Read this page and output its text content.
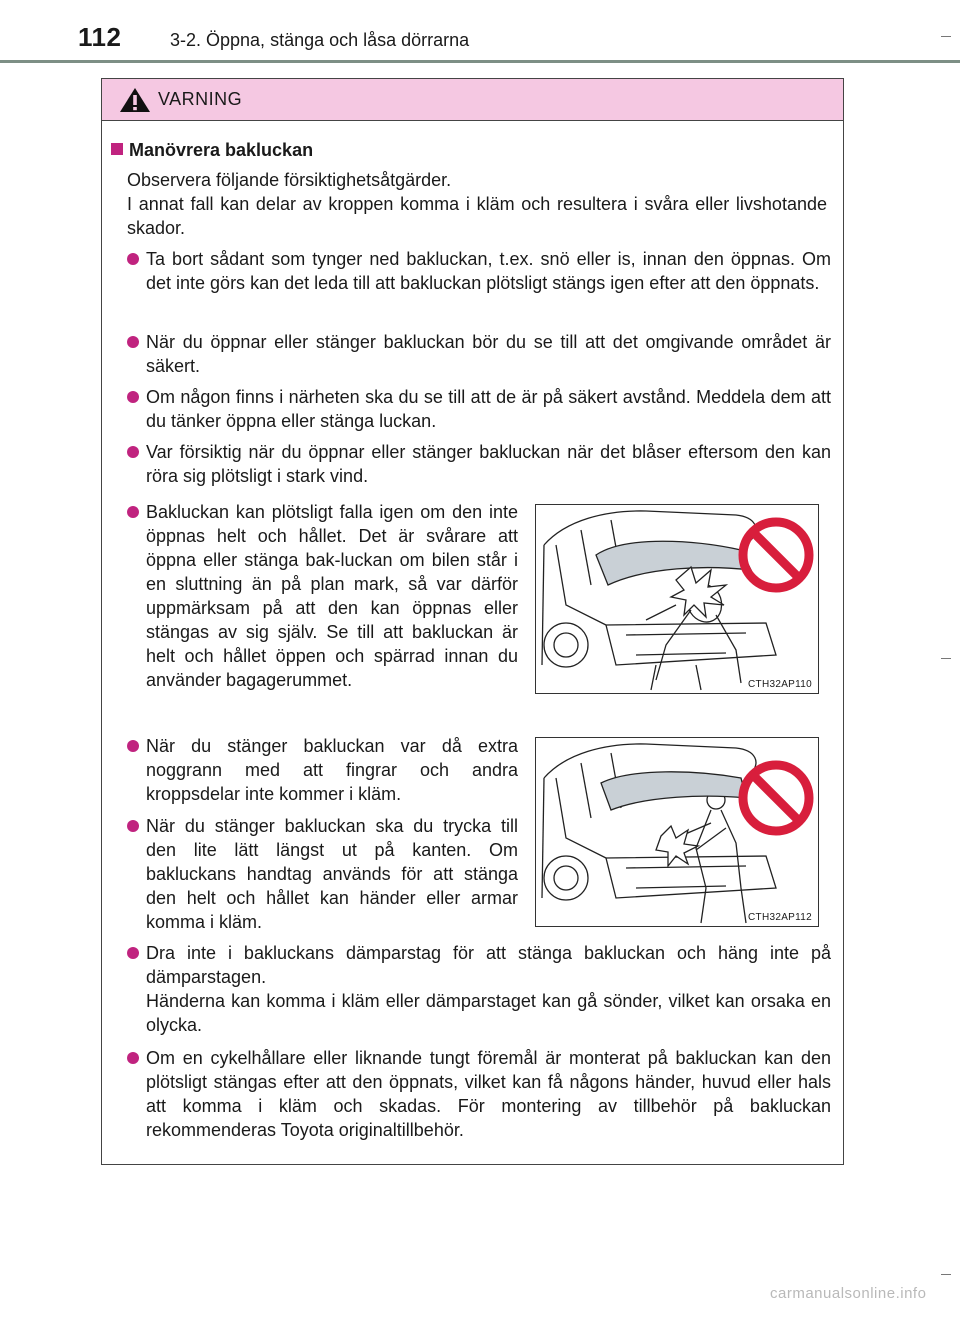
112	3-2. Öppna, stänga och låsa dörrarna
VARNING
Manövrera bakluckan
Observera följande försiktighetsåtgärder.
I annat fall kan delar av kroppen komma i kläm och resultera i svåra eller livshotande skador.
Ta bort sådant som tynger ned bakluckan, t.ex. snö eller is, innan den öppnas. Om det inte görs kan det leda till att bakluckan plötsligt stängs igen efter att den öppnats.
När du öppnar eller stänger bakluckan bör du se till att det omgivande området är säkert.
Om någon finns i närheten ska du se till att de är på säkert avstånd. Meddela dem att du tänker öppna eller stänga luckan.
Var försiktig när du öppnar eller stänger bakluckan när det blåser eftersom den kan röra sig plötsligt i stark vind.
Bakluckan kan plötsligt falla igen om den inte öppnas helt och hållet. Det är svårare att öppna eller stänga bak-luckan om bilen står i en sluttning än på plan mark, så var därför uppmärksam på att den kan öppnas eller stängas av sig själv. Se till att bakluckan är helt och hållet öppen och spärrad innan du använder bagagerummet.	CTH32AP110
När du stänger bakluckan var då extra noggrann med att fingrar och andra kroppsdelar inte kommer i kläm.
När du stänger bakluckan ska du trycka till den lite lätt längst ut på kanten. Om bakluckans handtag används för att stänga den helt och hållet kan händer eller armar komma i kläm.	CTH32AP112
Dra inte i bakluckans dämparstag för att stänga bakluckan och häng inte på dämparstagen.
Händerna kan komma i kläm eller dämparstaget kan gå sönder, vilket kan orsaka en olycka.
Om en cykelhållare eller liknande tungt föremål är monterat på bakluckan kan den plötsligt stängas efter att den öppnats, vilket kan få någons händer, huvud eller hals att komma i kläm och skadas. För montering av tillbehör på bakluckan rekommenderas Toyota originaltillbehör.
carmanualsonline.info
